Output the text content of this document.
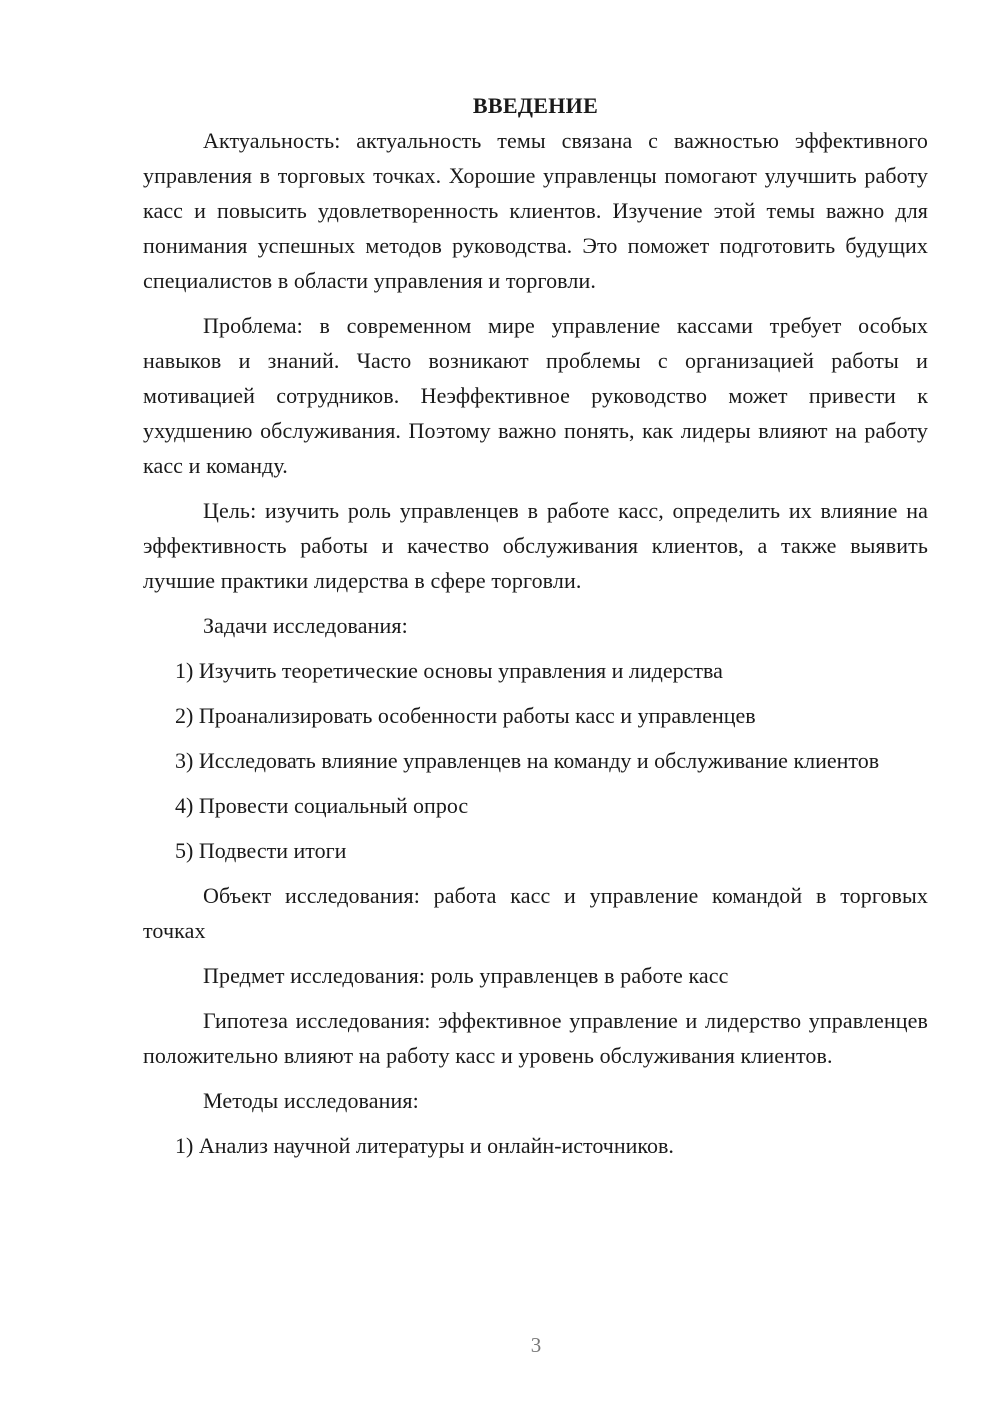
ВВЕДЕНИЕ

Актуальность: актуальность темы связана с важностью эффективного управления в торговых точках. Хорошие управленцы помогают улучшить работу касс и повысить удовлетворенность клиентов. Изучение этой темы важно для понимания успешных методов руководства. Это поможет подготовить будущих специалистов в области управления и торговли.

Проблема: в современном мире управление кассами требует особых навыков и знаний. Часто возникают проблемы с организацией работы и мотивацией сотрудников. Неэффективное руководство может привести к ухудшению обслуживания. Поэтому важно понять, как лидеры влияют на работу касс и команду.

Цель: изучить роль управленцев в работе касс, определить их влияние на эффективность работы и качество обслуживания клиентов, а также выявить лучшие практики лидерства в сфере торговли.

Задачи исследования:

1) Изучить теоретические основы управления и лидерства

2) Проанализировать особенности работы касс и управленцев

3) Исследовать влияние управленцев на команду и обслуживание клиентов

4) Провести социальный опрос

5) Подвести итоги

Объект исследования: работа касс и управление командой в торговых точках

Предмет исследования: роль управленцев в работе касс

Гипотеза исследования: эффективное управление и лидерство управленцев положительно влияют на работу касс и уровень обслуживания клиентов.

Методы исследования:

1) Анализ научной литературы и онлайн-источников.

3
